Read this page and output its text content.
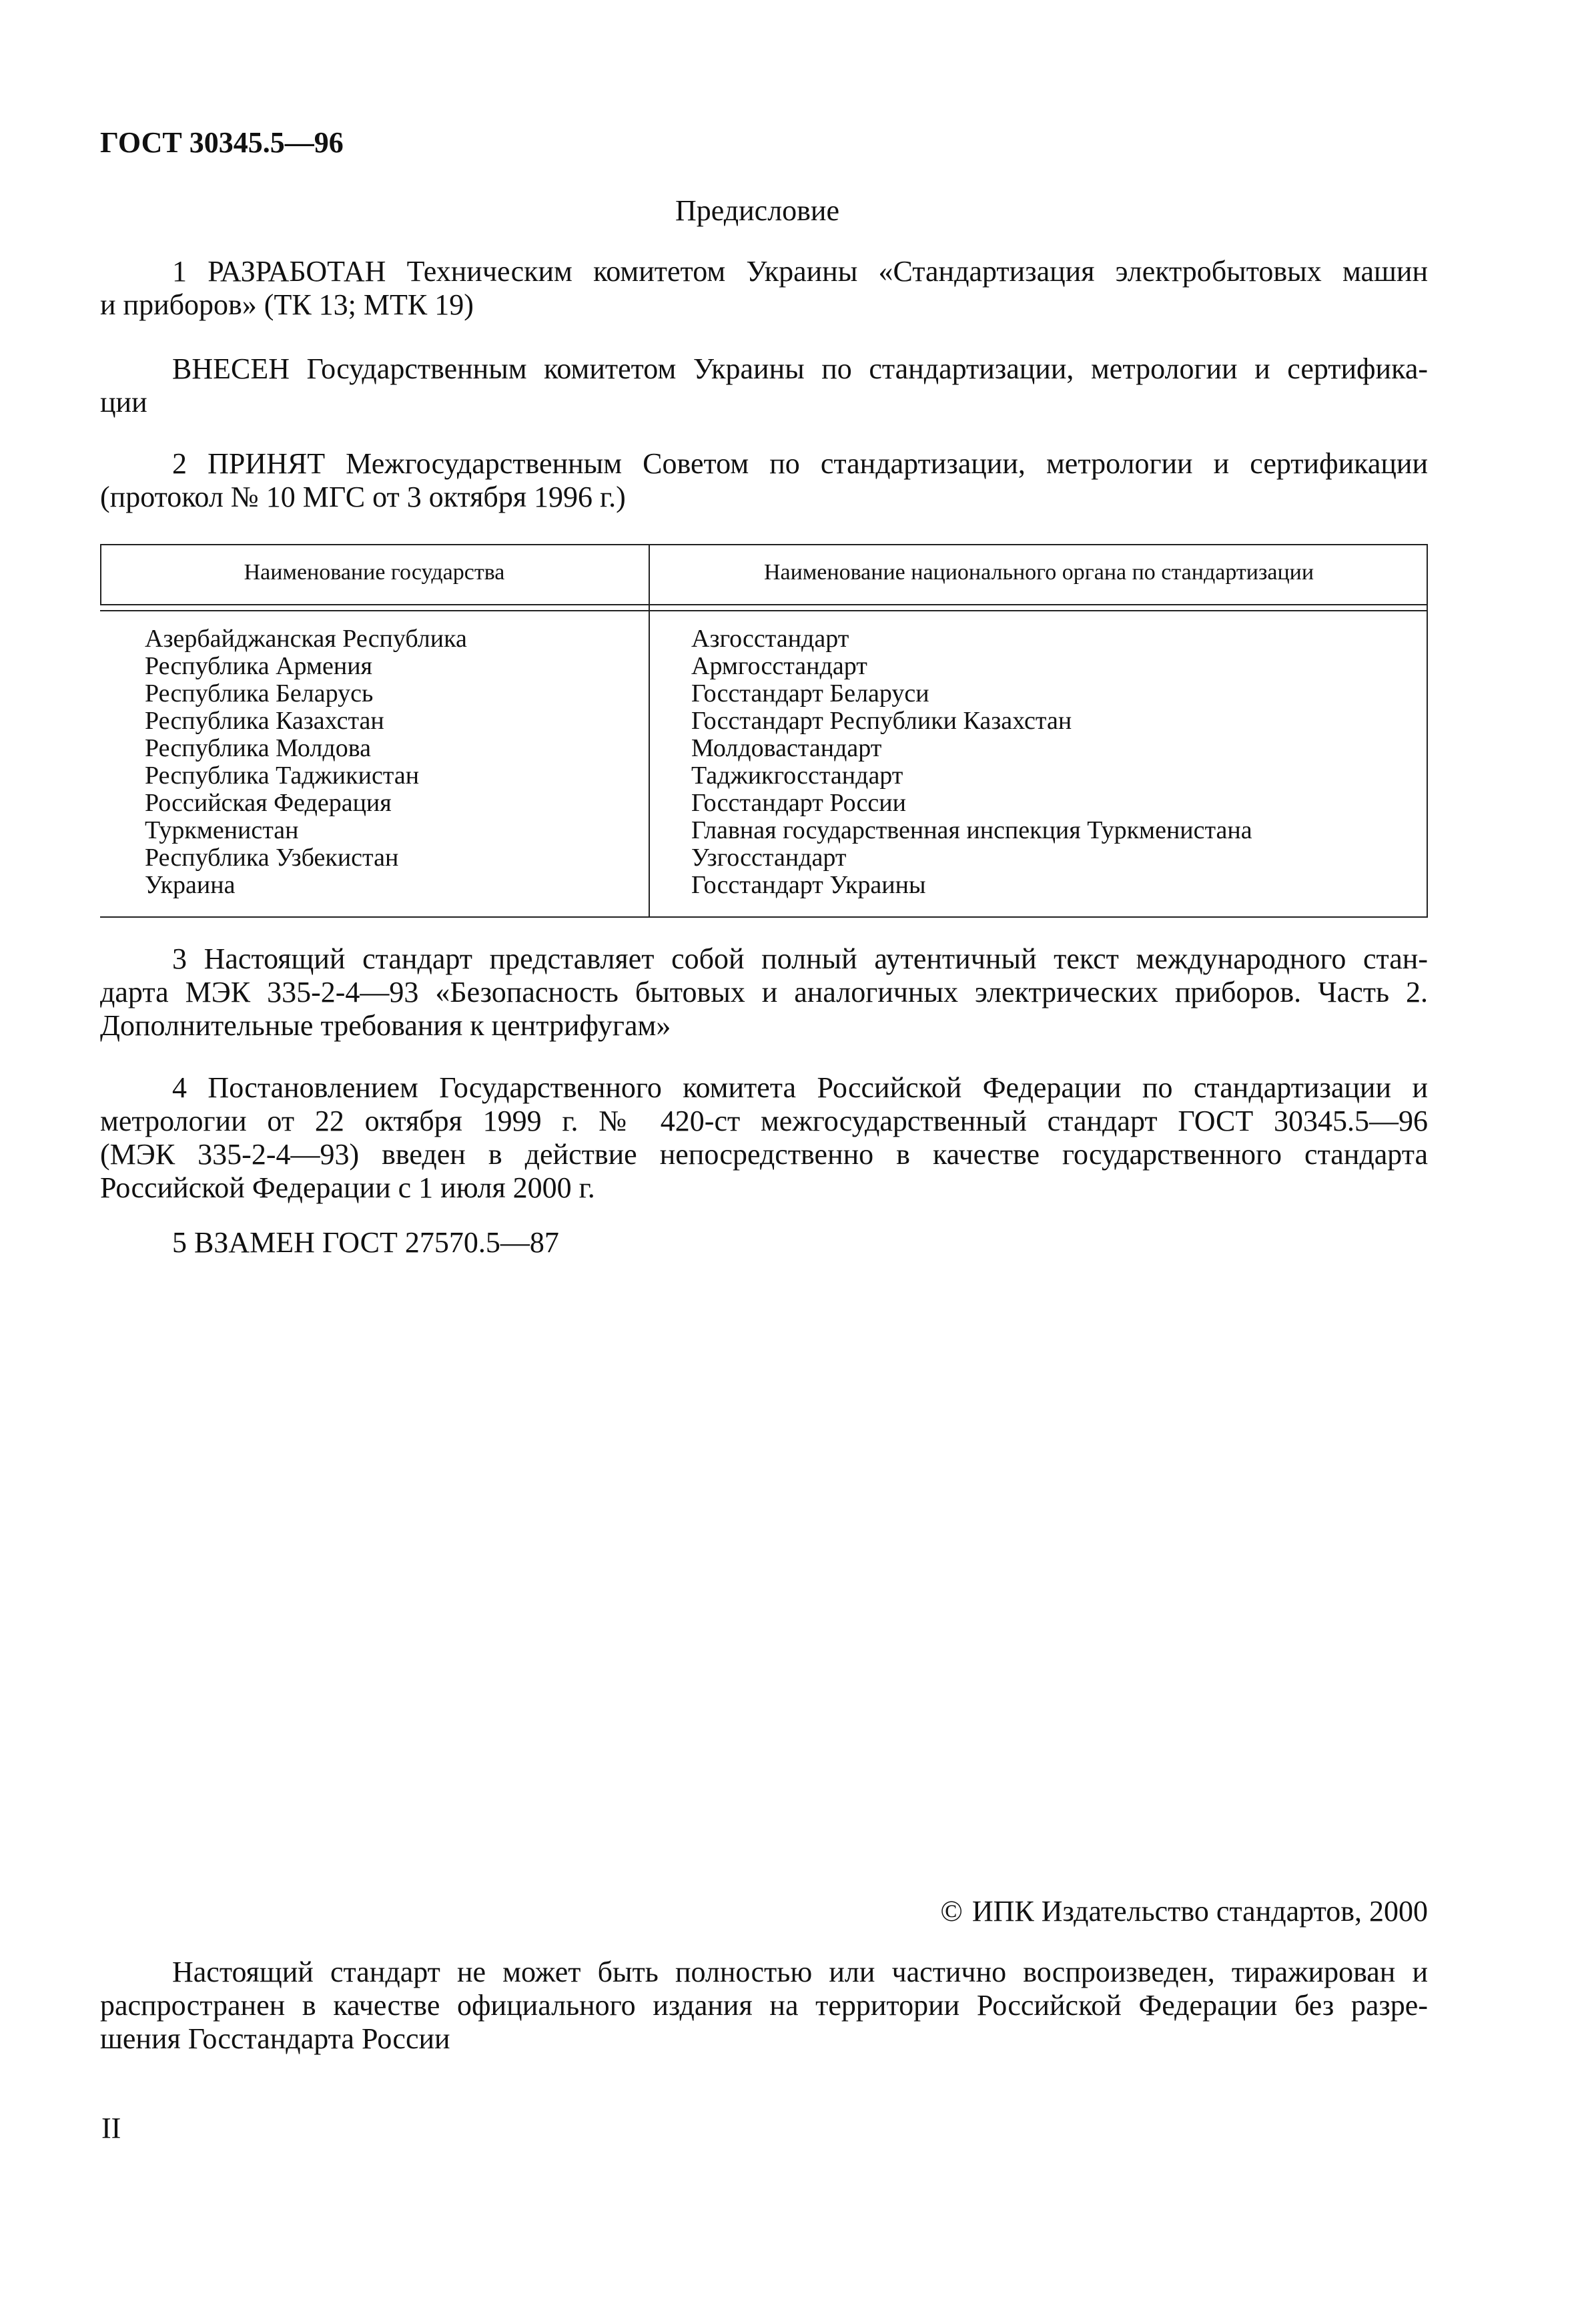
ГОСТ 30345.5—96
Предисловие
1 РАЗРАБОТАН Техническим комитетом Украины «Стандартизация электробытовых машин
и приборов» (ТК 13; МТК 19)
ВНЕСЕН Государственным комитетом Украины по стандартизации, метрологии и сертифика-
ции
2 ПРИНЯТ Межгосударственным Советом по стандартизации, метрологии и сертификации
(протокол № 10 МГС от 3 октября 1996 г.)
Наименование государства	Наименование национального органа по стандартизации
Азербайджанская Республика
Республика Армения
Республика Беларусь
Республика Казахстан
Республика Молдова
Республика Таджикистан
Российская Федерация
Туркменистан
Республика Узбекистан
Украина
Азгосстандарт
Армгосстандарт
Госстандарт Беларуси
Госстандарт Республики Казахстан
Молдовастандарт
Таджикгосстандарт
Госстандарт России
Главная государственная инспекция Туркменистана
Узгосстандарт
Госстандарт Украины
3 Настоящий стандарт представляет собой полный аутентичный текст международного стан-
дарта МЭК 335-2-4—93 «Безопасность бытовых и аналогичных электрических приборов. Часть 2.
Дополнительные требования к центрифугам»
4 Постановлением Государственного комитета Российской Федерации по стандартизации и
метрологии от 22 октября 1999 г. № 420-ст межгосударственный стандарт ГОСТ 30345.5—96
(МЭК 335-2-4—93) введен в действие непосредственно в качестве государственного стандарта
Российской Федерации с 1 июля 2000 г.
5 ВЗАМЕН ГОСТ 27570.5—87
© ИПК Издательство стандартов, 2000
Настоящий стандарт не может быть полностью или частично воспроизведен, тиражирован и
распространен в качестве официального издания на территории Российской Федерации без разре-
шения Госстандарта России
II
